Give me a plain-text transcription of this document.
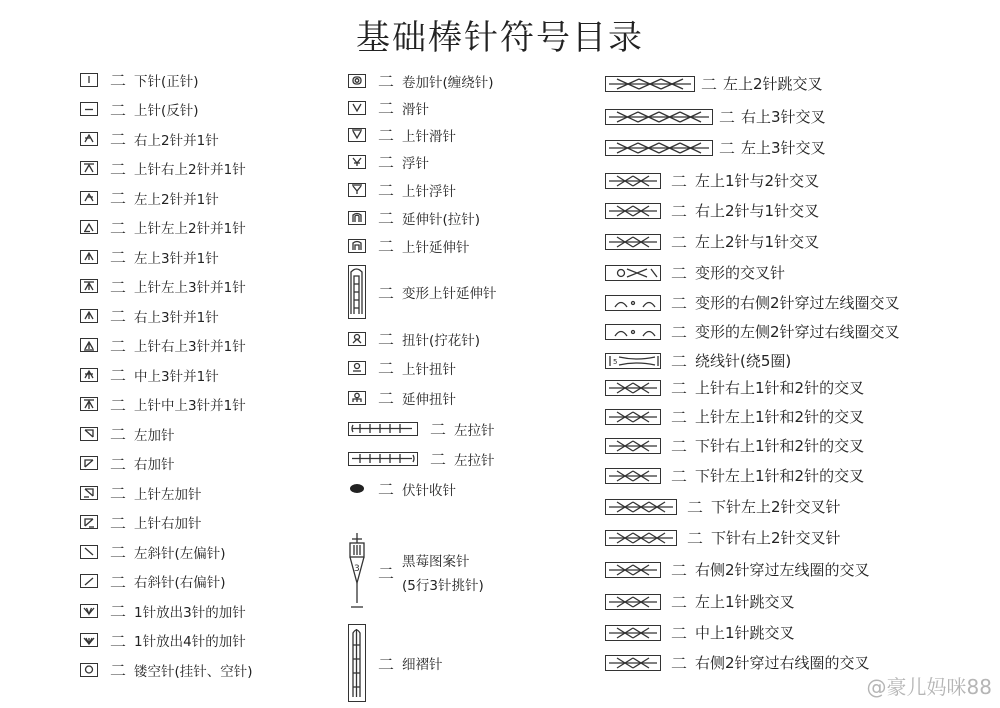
基础棒针符号目录
二 下针(正针)
二 上针(反针)
二 右上2针并1针
二 上针右上2针并1针
二 左上2针并1针
二 上针左上2针并1针
二 左上3针并1针
二 上针左上3针并1针
二 右上3针并1针
二 上针右上3针并1针
二 中上3针并1针
二 上针中上3针并1针
二 左加针
二 右加针
二 上针左加针
二 上针右加针
二 左斜针(左偏针)
二 右斜针(右偏针)
二 1针放出3针的加针
二 1针放出4针的加针
二 镂空针(挂针、空针)
二 卷加针(缠绕针)
二 滑针
二 上针滑针
二 浮针
二 上针浮针
二 延伸针(拉针)
二 上针延伸针
二 变形上针延伸针
二 扭针(拧花针)
二 上针扭针
二 延伸扭针
二 左拉针
二 左拉针
二 伏针收针
3 二
黑莓图案针
(5行3针挑针)
二 细褶针
二 左上2针跳交叉
二 右上3针交叉
二 左上3针交叉
二 左上1针与2针交叉
二 右上2针与1针交叉
二 左上2针与1针交叉
二 变形的交叉针
二 变形的右侧2针穿过左线圈交叉
二 变形的左侧2针穿过右线圈交叉
5	二 绕线针(绕5圈)
二 上针右上1针和2针的交叉
二 上针左上1针和2针的交叉
二 下针右上1针和2针的交叉
二 下针左上1针和2针的交叉
二 下针左上2针交叉针
二 下针右上2针交叉针
二 右侧2针穿过左线圈的交叉
二 左上1针跳交叉
二 中上1针跳交叉
二 右侧2针穿过右线圈的交叉
@豪儿妈咪88
